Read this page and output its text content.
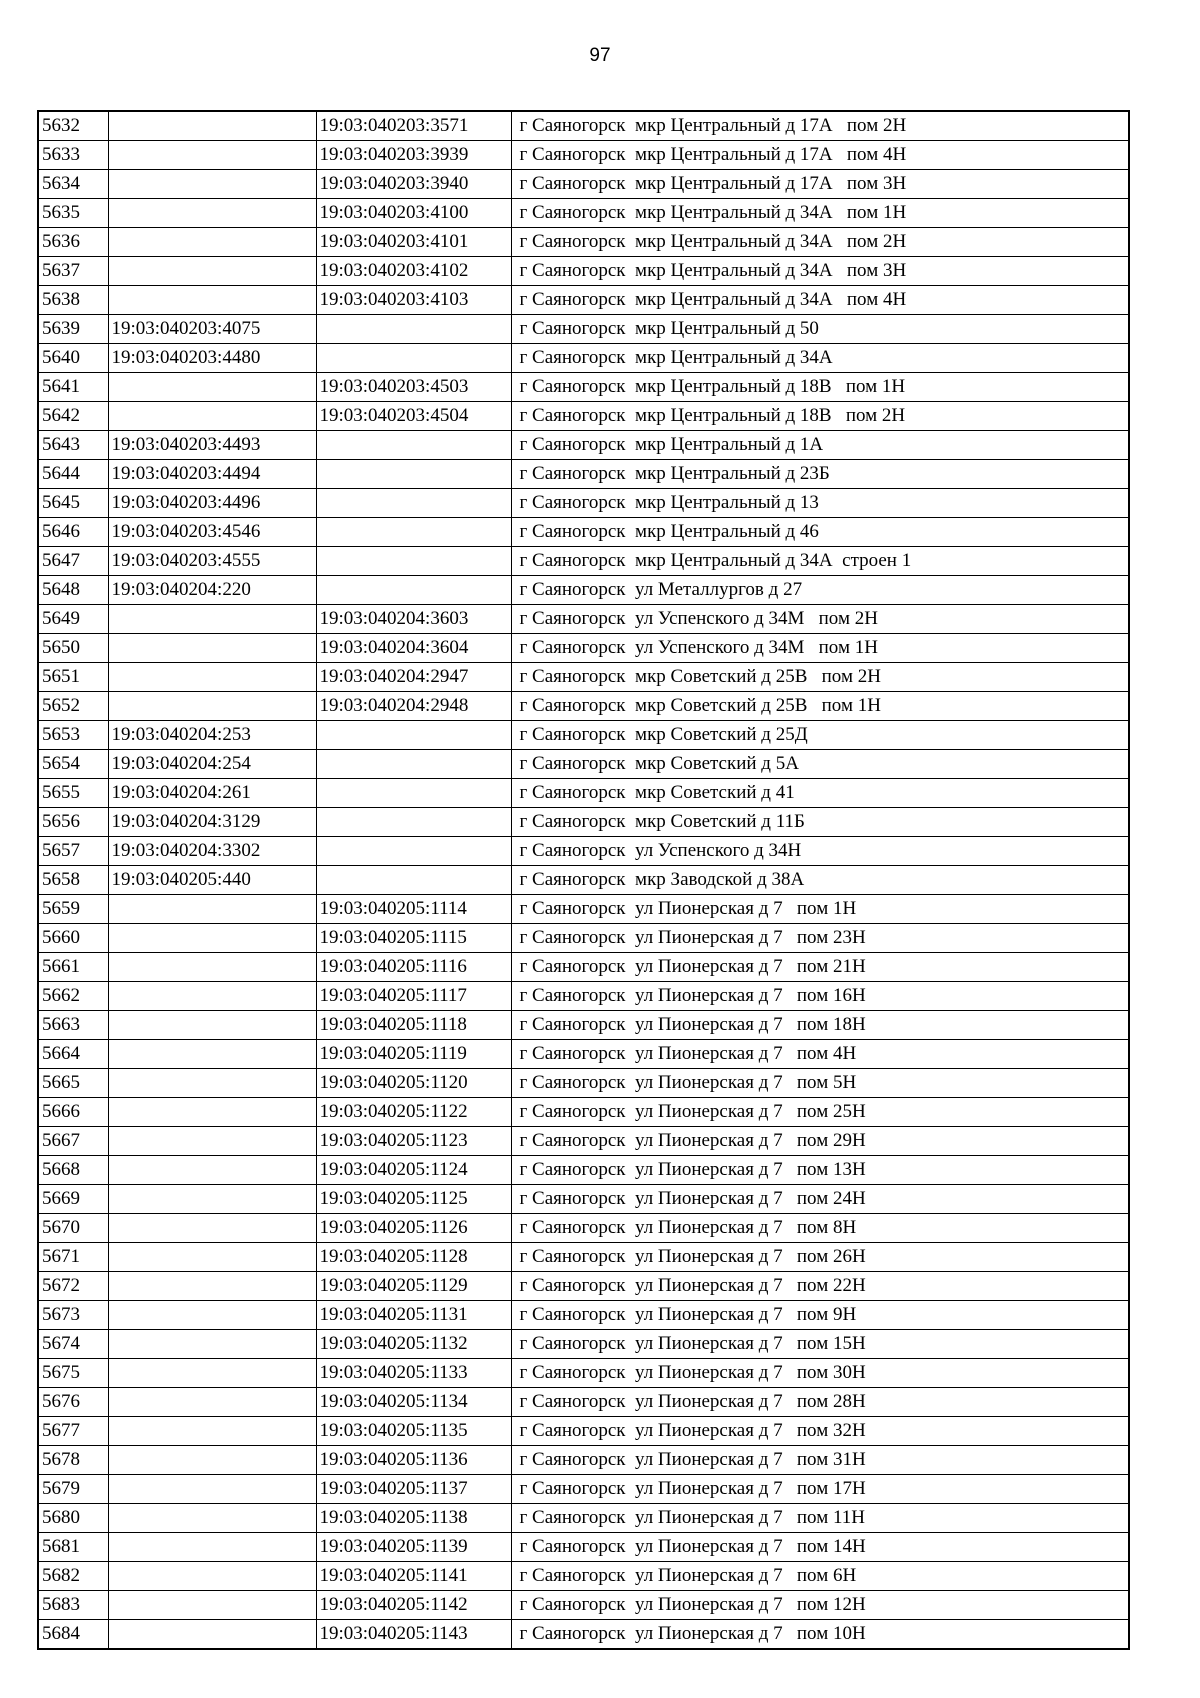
97
5632		19:03:040203:3571	г Саяногорск  мкр Центральный д 17А   пом 2Н
5633		19:03:040203:3939	г Саяногорск  мкр Центральный д 17А   пом 4Н
5634		19:03:040203:3940	г Саяногорск  мкр Центральный д 17А   пом 3Н
5635		19:03:040203:4100	г Саяногорск  мкр Центральный д 34А   пом 1Н
5636		19:03:040203:4101	г Саяногорск  мкр Центральный д 34А   пом 2Н
5637		19:03:040203:4102	г Саяногорск  мкр Центральный д 34А   пом 3Н
5638		19:03:040203:4103	г Саяногорск  мкр Центральный д 34А   пом 4Н
5639	19:03:040203:4075		г Саяногорск  мкр Центральный д 50
5640	19:03:040203:4480		г Саяногорск  мкр Центральный д 34А
5641		19:03:040203:4503	г Саяногорск  мкр Центральный д 18В   пом 1Н
5642		19:03:040203:4504	г Саяногорск  мкр Центральный д 18В   пом 2Н
5643	19:03:040203:4493		г Саяногорск  мкр Центральный д 1А
5644	19:03:040203:4494		г Саяногорск  мкр Центральный д 23Б
5645	19:03:040203:4496		г Саяногорск  мкр Центральный д 13
5646	19:03:040203:4546		г Саяногорск  мкр Центральный д 46
5647	19:03:040203:4555		г Саяногорск  мкр Центральный д 34А  строен 1
5648	19:03:040204:220		г Саяногорск  ул Металлургов д 27
5649		19:03:040204:3603	г Саяногорск  ул Успенского д 34М   пом 2Н
5650		19:03:040204:3604	г Саяногорск  ул Успенского д 34М   пом 1Н
5651		19:03:040204:2947	г Саяногорск  мкр Советский д 25В   пом 2Н
5652		19:03:040204:2948	г Саяногорск  мкр Советский д 25В   пом 1Н
5653	19:03:040204:253		г Саяногорск  мкр Советский д 25Д
5654	19:03:040204:254		г Саяногорск  мкр Советский д 5А
5655	19:03:040204:261		г Саяногорск  мкр Советский д 41
5656	19:03:040204:3129		г Саяногорск  мкр Советский д 11Б
5657	19:03:040204:3302		г Саяногорск  ул Успенского д 34Н
5658	19:03:040205:440		г Саяногорск  мкр Заводской д 38А
5659		19:03:040205:1114	г Саяногорск  ул Пионерская д 7   пом 1Н
5660		19:03:040205:1115	г Саяногорск  ул Пионерская д 7   пом 23Н
5661		19:03:040205:1116	г Саяногорск  ул Пионерская д 7   пом 21Н
5662		19:03:040205:1117	г Саяногорск  ул Пионерская д 7   пом 16Н
5663		19:03:040205:1118	г Саяногорск  ул Пионерская д 7   пом 18Н
5664		19:03:040205:1119	г Саяногорск  ул Пионерская д 7   пом 4Н
5665		19:03:040205:1120	г Саяногорск  ул Пионерская д 7   пом 5Н
5666		19:03:040205:1122	г Саяногорск  ул Пионерская д 7   пом 25Н
5667		19:03:040205:1123	г Саяногорск  ул Пионерская д 7   пом 29Н
5668		19:03:040205:1124	г Саяногорск  ул Пионерская д 7   пом 13Н
5669		19:03:040205:1125	г Саяногорск  ул Пионерская д 7   пом 24Н
5670		19:03:040205:1126	г Саяногорск  ул Пионерская д 7   пом 8Н
5671		19:03:040205:1128	г Саяногорск  ул Пионерская д 7   пом 26Н
5672		19:03:040205:1129	г Саяногорск  ул Пионерская д 7   пом 22Н
5673		19:03:040205:1131	г Саяногорск  ул Пионерская д 7   пом 9Н
5674		19:03:040205:1132	г Саяногорск  ул Пионерская д 7   пом 15Н
5675		19:03:040205:1133	г Саяногорск  ул Пионерская д 7   пом 30Н
5676		19:03:040205:1134	г Саяногорск  ул Пионерская д 7   пом 28Н
5677		19:03:040205:1135	г Саяногорск  ул Пионерская д 7   пом 32Н
5678		19:03:040205:1136	г Саяногорск  ул Пионерская д 7   пом 31Н
5679		19:03:040205:1137	г Саяногорск  ул Пионерская д 7   пом 17Н
5680		19:03:040205:1138	г Саяногорск  ул Пионерская д 7   пом 11Н
5681		19:03:040205:1139	г Саяногорск  ул Пионерская д 7   пом 14Н
5682		19:03:040205:1141	г Саяногорск  ул Пионерская д 7   пом 6Н
5683		19:03:040205:1142	г Саяногорск  ул Пионерская д 7   пом 12Н
5684		19:03:040205:1143	г Саяногорск  ул Пионерская д 7   пом 10Н
